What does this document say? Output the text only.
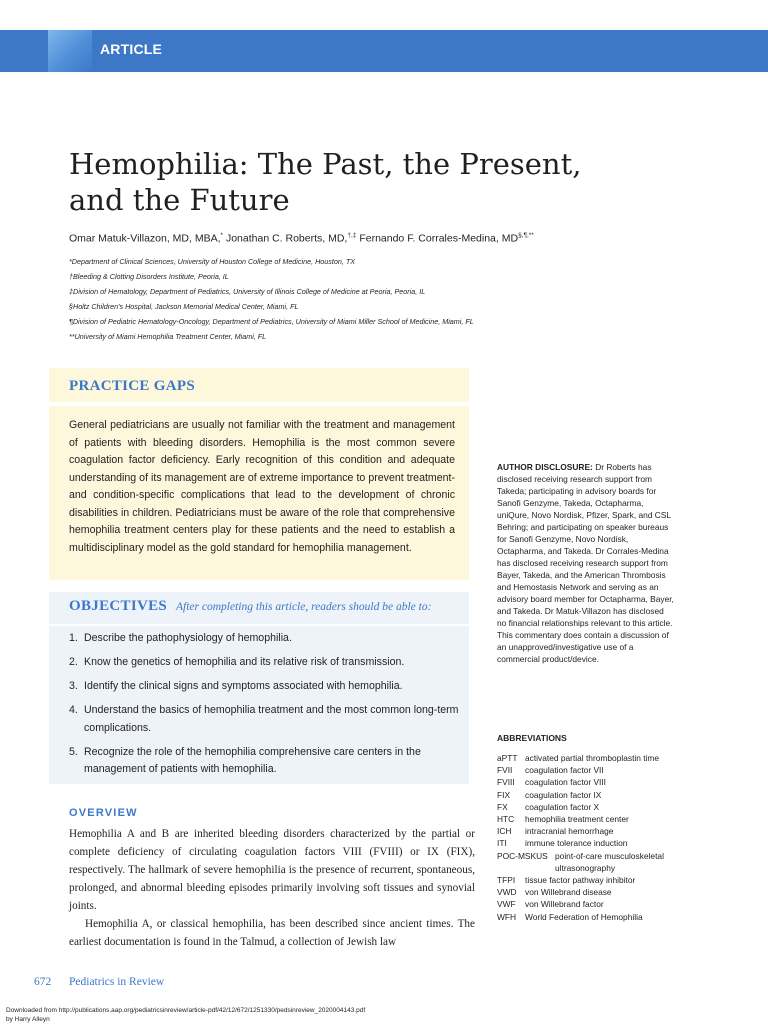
ARTICLE
Hemophilia: The Past, the Present,
and the Future
Omar Matuk-Villazon, MD, MBA,* Jonathan C. Roberts, MD,†,‡ Fernando F. Corrales-Medina, MD§,¶,**
*Department of Clinical Sciences, University of Houston College of Medicine, Houston, TX
†Bleeding & Clotting Disorders Institute, Peoria, IL
‡Division of Hematology, Department of Pediatrics, University of Illinois College of Medicine at Peoria, Peoria, IL
§Holtz Children's Hospital, Jackson Memorial Medical Center, Miami, FL
¶Division of Pediatric Hematology-Oncology, Department of Pediatrics, University of Miami Miller School of Medicine, Miami, FL
**University of Miami Hemophilia Treatment Center, Miami, FL
PRACTICE GAPS
General pediatricians are usually not familiar with the treatment and management of patients with bleeding disorders. Hemophilia is the most common severe coagulation factor deficiency. Early recognition of this condition and adequate understanding of its management are of extreme importance to prevent treatment- and condition-specific complications that lead to the development of chronic disabilities in children. Pediatricians must be aware of the role that comprehensive hemophilia treatment centers play for these patients and the need to establish a multidisciplinary model as the gold standard for hemophilia management.
OBJECTIVES After completing this article, readers should be able to:
1. Describe the pathophysiology of hemophilia.
2. Know the genetics of hemophilia and its relative risk of transmission.
3. Identify the clinical signs and symptoms associated with hemophilia.
4. Understand the basics of hemophilia treatment and the most common long-term complications.
5. Recognize the role of the hemophilia comprehensive care centers in the management of patients with hemophilia.
OVERVIEW
Hemophilia A and B are inherited bleeding disorders characterized by the partial or complete deficiency of circulating coagulation factors VIII (FVIII) or IX (FIX), respectively. The hallmark of severe hemophilia is the presence of recurrent, spontaneous, prolonged, and abnormal bleeding episodes primarily involving soft tissues and synovial joints.
Hemophilia A, or classical hemophilia, has been described since ancient times. The earliest documentation is found in the Talmud, a collection of Jewish law
AUTHOR DISCLOSURE: Dr Roberts has disclosed receiving research support from Takeda; participating in advisory boards for Sanofi Genzyme, Takeda, Octapharma, uniQure, Novo Nordisk, Pfizer, Spark, and CSL Behring; and participating on speaker bureaus for Sanofi Genzyme, Novo Nordisk, Octapharma, and Takeda. Dr Corrales-Medina has disclosed receiving research support from Bayer, Takeda, and the American Thrombosis and Hemostasis Network and serving as an advisory board member for Octapharma, Bayer, and Takeda. Dr Matuk-Villazon has disclosed no financial relationships relevant to this article. This commentary does contain a discussion of an unapproved/investigative use of a commercial product/device.
ABBREVIATIONS
aPTT activated partial thromboplastin time
FVII	coagulation factor VII
FVIII	coagulation factor VIII
FIX	coagulation factor IX
FX	coagulation factor X
HTC	hemophilia treatment center
ICH	intracranial hemorrhage
ITI	immune tolerance induction
POC-MSKUS point-of-care musculoskeletal ultrasonography
TFPI	tissue factor pathway inhibitor
VWD	von Willebrand disease
VWF	von Willebrand factor
WFH	World Federation of Hemophilia
672 Pediatrics in Review
Downloaded from http://publications.aap.org/pediatricsinreview/article-pdf/42/12/672/1251330/pedsinreview_2020004143.pdf
by Harry Alleyn
